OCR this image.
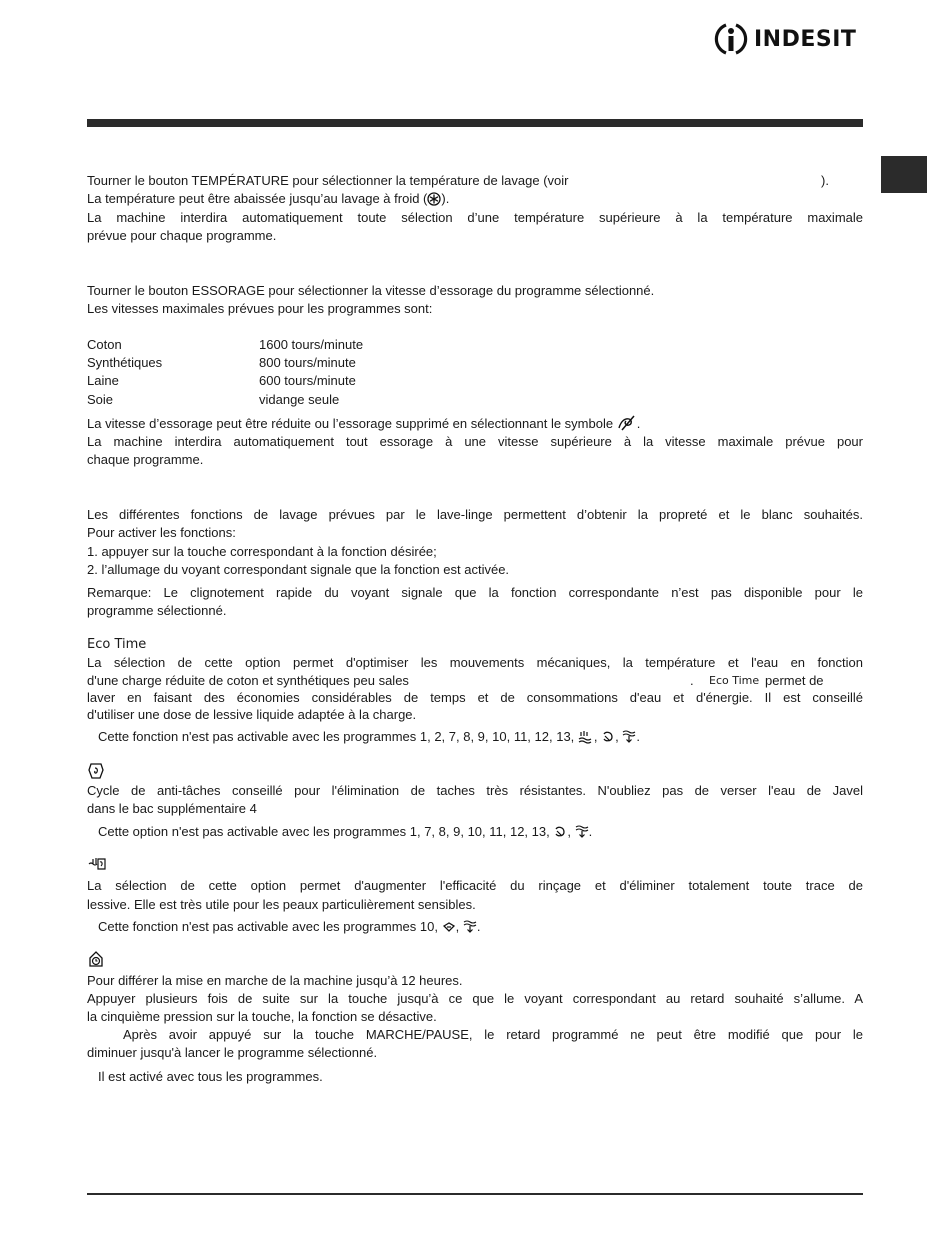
INDESIT
Tourner le bouton TEMPÉRATURE pour sélectionner la température de lavage (voir	).
La température peut être abaissée jusqu’au lavage à froid ( ).
La machine interdira automatiquement toute sélection d’une température supérieure à la température maximale
prévue pour chaque programme.
Tourner le bouton ESSORAGE pour sélectionner la vitesse d’essorage du programme sélectionné.
Les vitesses maximales prévues pour les programmes sont:
Coton	1600 tours/minute
Synthétiques	800 tours/minute
Laine	600 tours/minute
Soie	vidange seule
La vitesse d’essorage peut être réduite ou l’essorage supprimé en sélectionnant le symbole .
La machine interdira automatiquement tout essorage à une vitesse supérieure à la vitesse maximale prévue pour
chaque programme.
Les différentes fonctions de lavage prévues par le lave-linge permettent d’obtenir la propreté et le blanc souhaités.
Pour activer les fonctions:
1. appuyer sur la touche correspondant à la fonction désirée;
2. l’allumage du voyant correspondant signale que la fonction est activée.
Remarque: Le clignotement rapide du voyant signale que la fonction correspondante n’est pas disponible pour le
programme sélectionné.
Eco Time
La sélection de cette option permet d'optimiser les mouvements mécaniques, la température et l'eau en fonction
d'une charge réduite de coton et synthétiques peu sales	. Eco Time permet de
laver en faisant des économies considérables de temps et de consommations d'eau et d'énergie. Il est conseillé
d'utiliser une dose de lessive liquide adaptée à la charge.
Cette fonction n'est pas activable avec les programmes 1, 2, 7, 8, 9, 10, 11, 12, 13, , , .
Cycle de anti-tâches conseillé pour l'élimination de taches très résistantes. N'oubliez pas de verser l'eau de Javel
dans le bac supplémentaire 4
Cette option n'est pas activable avec les programmes 1, 7, 8, 9, 10, 11, 12, 13, , .
La sélection de cette option permet d'augmenter l'efficacité du rinçage et d'éliminer totalement toute trace de
lessive. Elle est très utile pour les peaux particulièrement sensibles.
Cette fonction n'est pas activable avec les programmes 10, , .
Pour différer la mise en marche de la machine jusqu’à 12 heures.
Appuyer plusieurs fois de suite sur la touche jusqu’à ce que le voyant correspondant au retard souhaité s’allume. A
la cinquième pression sur la touche, la fonction se désactive.
Après avoir appuyé sur la touche MARCHE/PAUSE, le retard programmé ne peut être modifié que pour le
diminuer jusqu'à lancer le programme sélectionné.
Il est activé avec tous les programmes.
